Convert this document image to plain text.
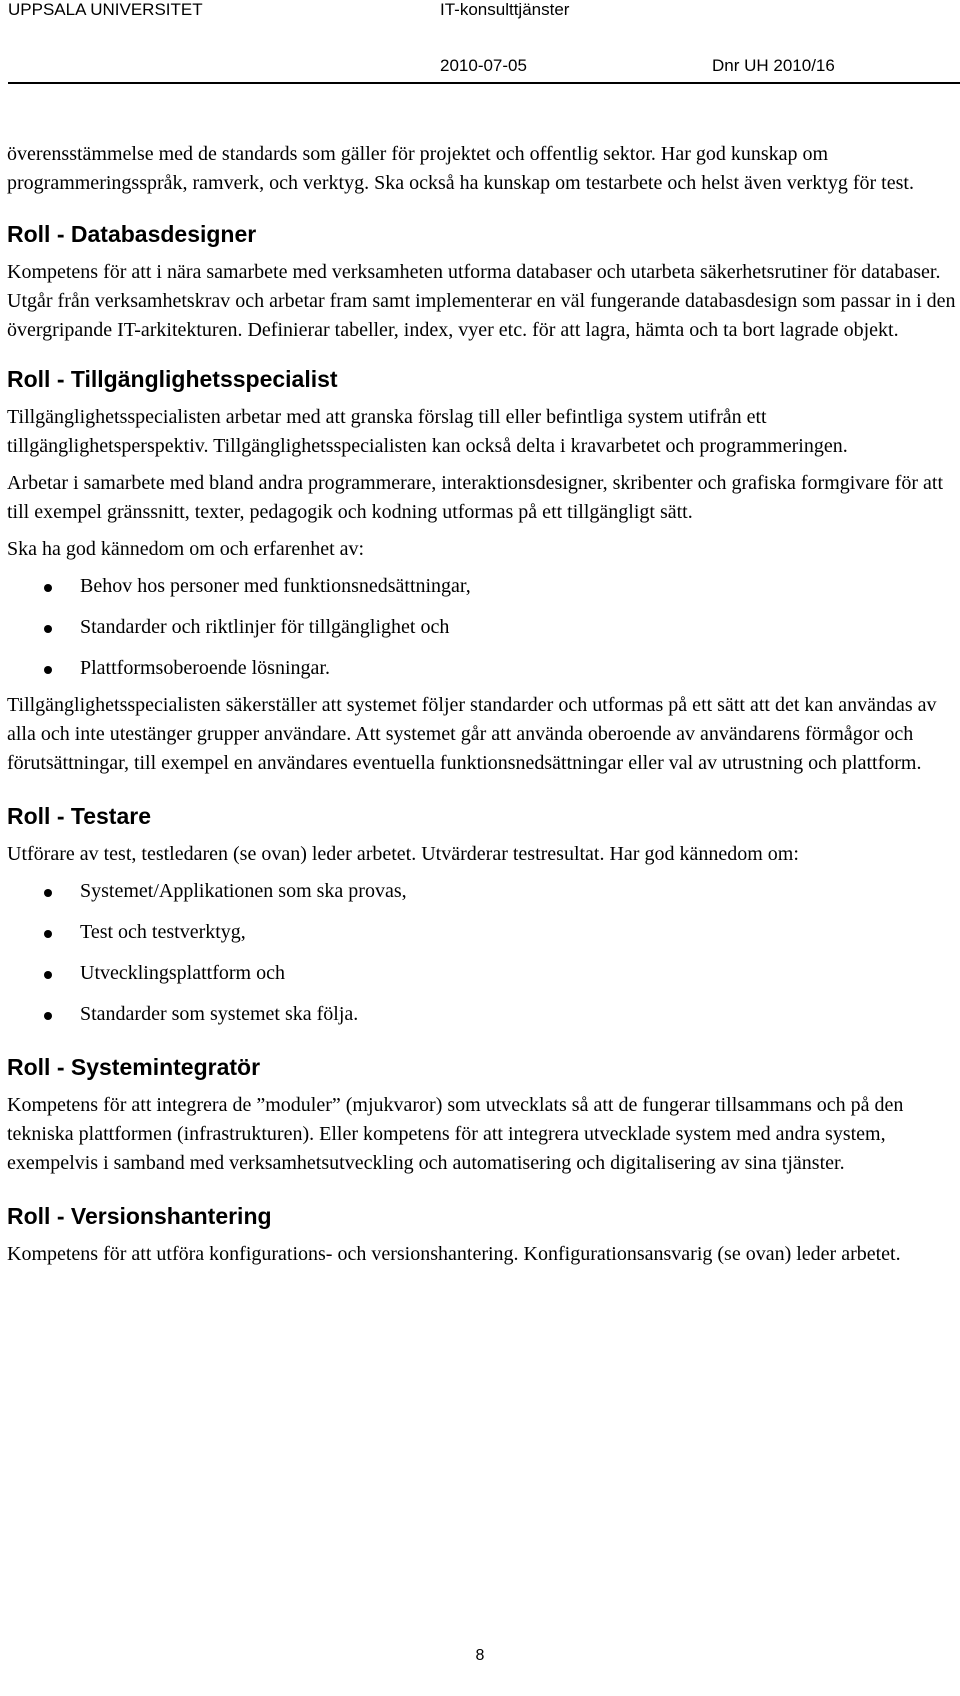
UPPSALA UNIVERSITET	IT-konsulttjänster
2010-07-05	Dnr UH 2010/16

överensstämmelse med de standards som gäller för projektet och offentlig sektor. Har god kunskap om programmeringsspråk, ramverk, och verktyg. Ska också ha kunskap om testarbete och helst även verktyg för test.

Roll - Databasdesigner

Kompetens för att i nära samarbete med verksamheten utforma databaser och utarbeta säkerhetsrutiner för databaser. Utgår från verksamhetskrav och arbetar fram samt implementerar en väl fungerande databasdesign som passar in i den övergripande IT-arkitekturen. Definierar tabeller, index, vyer etc. för att lagra, hämta och ta bort lagrade objekt.

Roll - Tillgänglighetsspecialist

Tillgänglighetsspecialisten arbetar med att granska förslag till eller befintliga system utifrån ett tillgänglighetsperspektiv. Tillgänglighetsspecialisten kan också delta i kravarbetet och programmeringen.

Arbetar i samarbete med bland andra programmerare, interaktionsdesigner, skribenter och grafiska formgivare för att till exempel gränssnitt, texter, pedagogik och kodning utformas på ett tillgängligt sätt.

Ska ha god kännedom om och erfarenhet av:

Behov hos personer med funktionsnedsättningar,
Standarder och riktlinjer för tillgänglighet och
Plattformsoberoende lösningar.

Tillgänglighetsspecialisten säkerställer att systemet följer standarder och utformas på ett sätt att det kan användas av alla och inte utestänger grupper användare. Att systemet går att använda oberoende av användarens förmågor och förutsättningar, till exempel en användares eventuella funktionsnedsättningar eller val av utrustning och plattform.

Roll - Testare

Utförare av test, testledaren (se ovan) leder arbetet. Utvärderar testresultat. Har god kännedom om:

Systemet/Applikationen som ska provas,
Test och testverktyg,
Utvecklingsplattform och
Standarder som systemet ska följa.
Roll - Systemintegratör

Kompetens för att integrera de ”moduler” (mjukvaror) som utvecklats så att de fungerar tillsammans och på den tekniska plattformen (infrastrukturen). Eller kompetens för att integrera utvecklade system med andra system, exempelvis i samband med verksamhetsutveckling och automatisering och digitalisering av sina tjänster.

Roll - Versionshantering

Kompetens för att utföra konfigurations- och versionshantering. Konfigurationsansvarig (se ovan) leder arbetet.

8
